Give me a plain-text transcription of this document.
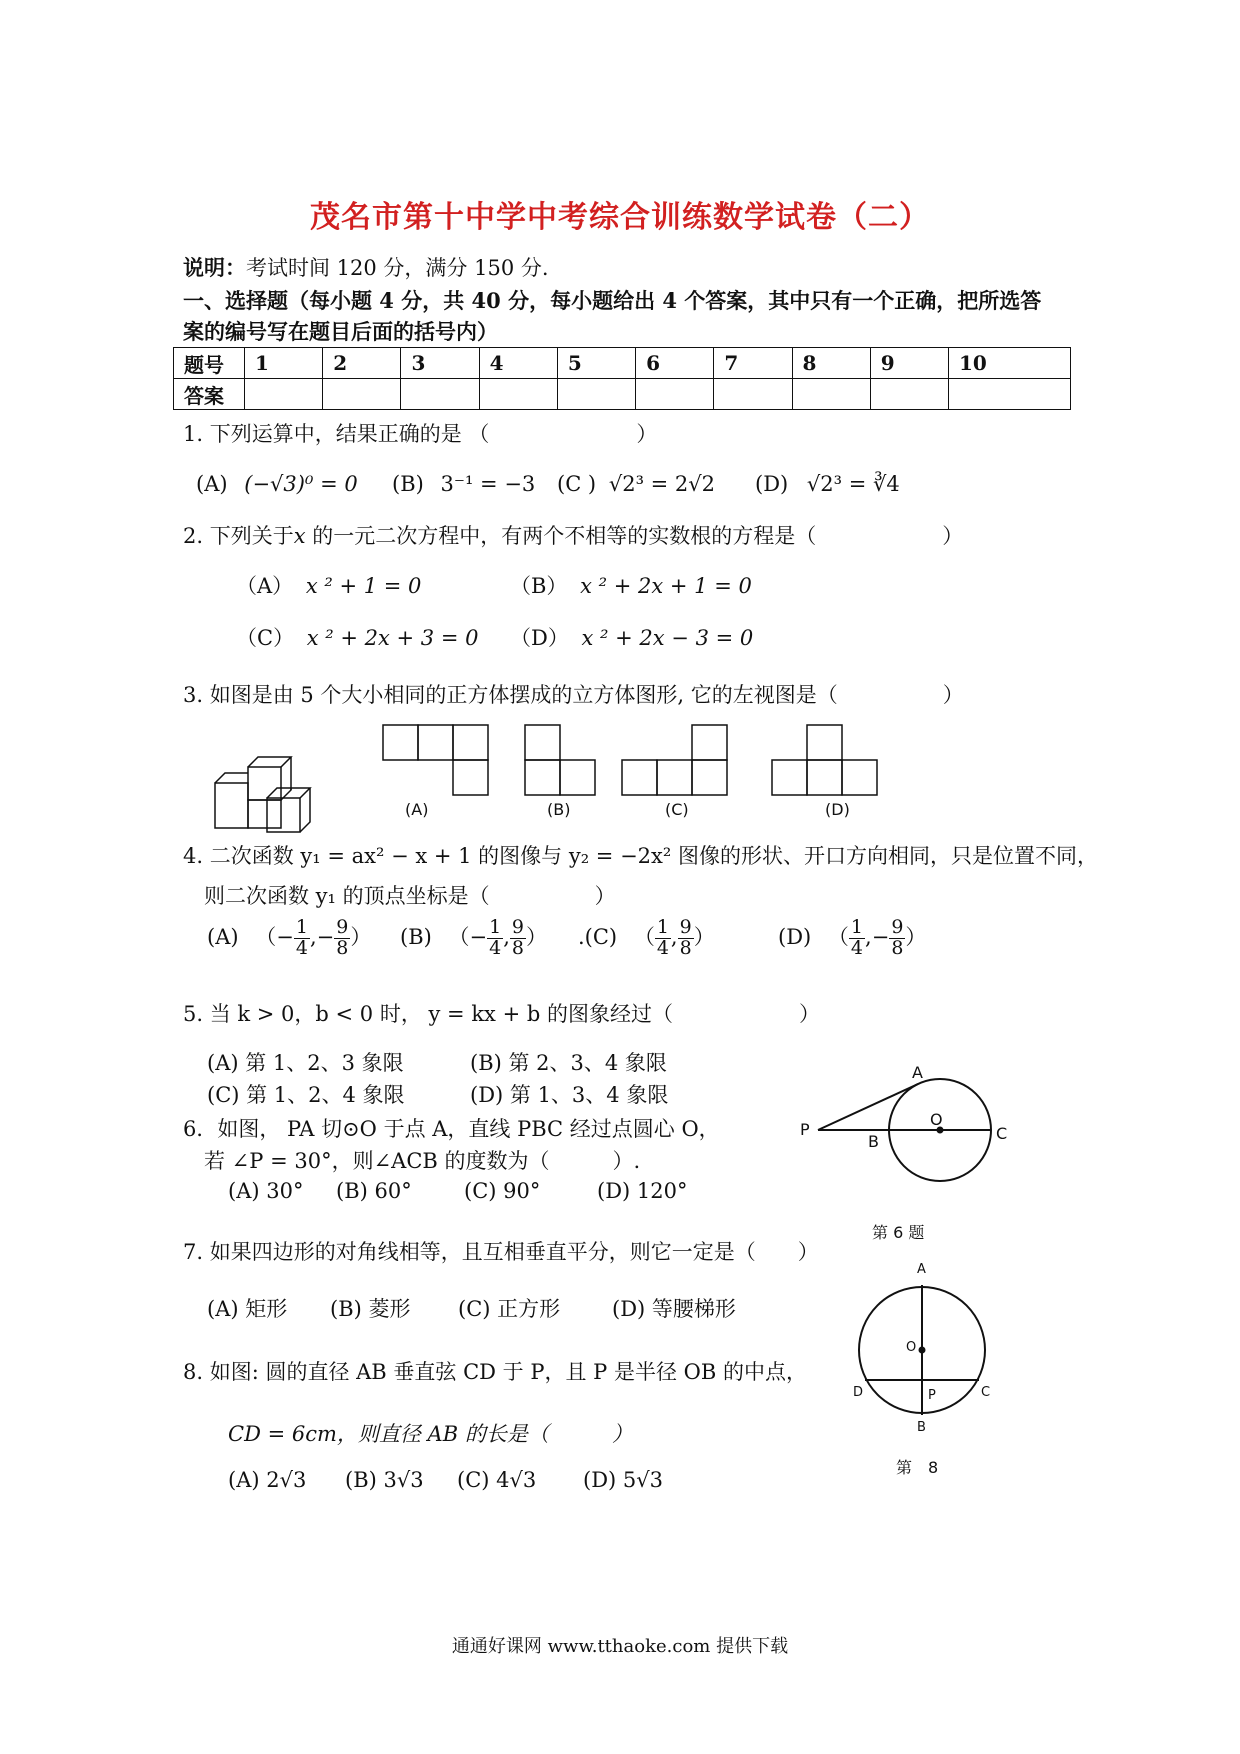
茂名市第十中学中考综合训练数学试卷（二）
说明：考试时间 120 分，满分 150 分.
一、选择题（每小题 4 分，共 40 分，每小题给出 4 个答案，其中只有一个正确，把所选答
案的编号写在题目后面的括号内）
题号	1	2	3	4	5	6	7	8	9	10
答案										
1. 下列运算中，结果正确的是 （　　　　　　　）
(A) (−√3)⁰ = 0 (B) 3⁻¹ = −3 (C ) √2³ = 2√2 (D) √2³ = ∛4
2. 下列关于x 的一元二次方程中，有两个不相等的实数根的方程是（　　　　　　）
（A） x ² + 1 = 0	（B） x ² + 2x + 1 = 0
（C） x ² + 2x + 3 = 0 （D） x ² + 2x − 3 = 0
3. 如图是由 5 个大小相同的正方体摆成的立方体图形, 它的左视图是（　　　　　）
(A)	(B)	(C)	(D)
4. 二次函数 y₁ = ax² − x + 1 的图像与 y₂ = −2x² 图像的形状、开口方向相同，只是位置不同，
则二次函数 y₁ 的顶点坐标是（　　　　　）
(A) （− $\frac{1}{4}$ ,− $\frac{9}{8}$ ） (B) （− $\frac{1}{4}$ , $\frac{9}{8}$ ） .(C) （ $\frac{1}{4}$ , $\frac{9}{8}$ ）	(D) （ $\frac{1}{4}$ ,− $\frac{9}{8}$ ）
5. 当 k > 0，b < 0 时， y = kx + b 的图象经过（　　　　　　）
(A) 第 1、2、3 象限	(B) 第 2、3、4 象限
(C) 第 1、2、4 象限	(D) 第 1、3、4 象限
6．如图， PA 切⊙O 于点 A，直线 PBC 经过点圆心 O，
若 ∠P = 30°，则∠ACB 的度数为（　　　）.
(A) 30° (B) 60° (C) 90°	(D) 120°
A
O
P
B	C
第 6 题
7. 如果四边形的对角线相等，且互相垂直平分，则它一定是（　　）
(A) 矩形 (B) 菱形 (C) 正方形 (D) 等腰梯形
8. 如图: 圆的直径 AB 垂直弦 CD 于 P，且 P 是半径 OB 的中点，
CD = 6cm，则直径 AB 的长是（　　　）
(A) 2√3 (B) 3√3 (C) 4√3 (D) 5√3
A
O
D	P	C
B
第　8
通通好课网 www.tthaoke.com 提供下载
